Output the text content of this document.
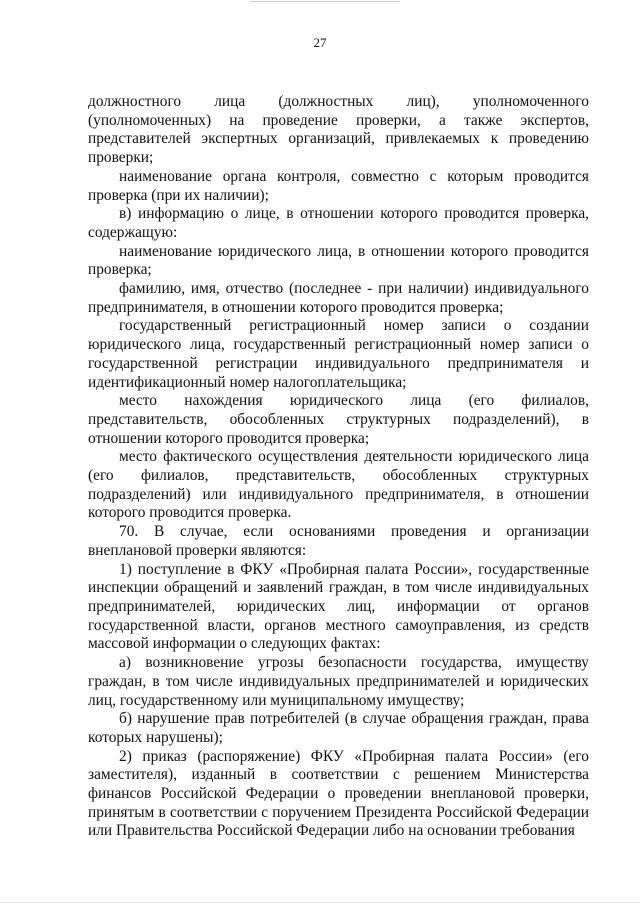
27

должностного лица (должностных лиц), уполномоченного (уполномоченных) на проведение проверки, а также экспертов, представителей экспертных организаций, привлекаемых к проведению проверки;

наименование органа контроля, совместно с которым проводится проверка (при их наличии);

в) информацию о лице, в отношении которого проводится проверка, содержащую:

наименование юридического лица, в отношении которого проводится проверка;

фамилию, имя, отчество (последнее - при наличии) индивидуального предпринимателя, в отношении которого проводится проверка;

государственный регистрационный номер записи о создании юридического лица, государственный регистрационный номер записи о государственной регистрации индивидуального предпринимателя и идентификационный номер налогоплательщика;

место нахождения юридического лица (его филиалов, представительств, обособленных структурных подразделений), в отношении которого проводится проверка;

место фактического осуществления деятельности юридического лица (его филиалов, представительств, обособленных структурных подразделений) или индивидуального предпринимателя, в отношении которого проводится проверка.

70. В случае, если основаниями проведения и организации внеплановой проверки являются:

1) поступление в ФКУ «Пробирная палата России», государственные инспекции обращений и заявлений граждан, в том числе индивидуальных предпринимателей, юридических лиц, информации от органов государственной власти, органов местного самоуправления, из средств массовой информации о следующих фактах:

а) возникновение угрозы безопасности государства, имуществу граждан, в том числе индивидуальных предпринимателей и юридических лиц, государственному или муниципальному имуществу;

б) нарушение прав потребителей (в случае обращения граждан, права которых нарушены);

2) приказ (распоряжение) ФКУ «Пробирная палата России» (его заместителя), изданный в соответствии с решением Министерства финансов Российской Федерации о проведении внеплановой проверки, принятым в соответствии с поручением Президента Российской Федерации или Правительства Российской Федерации либо на основании требования
